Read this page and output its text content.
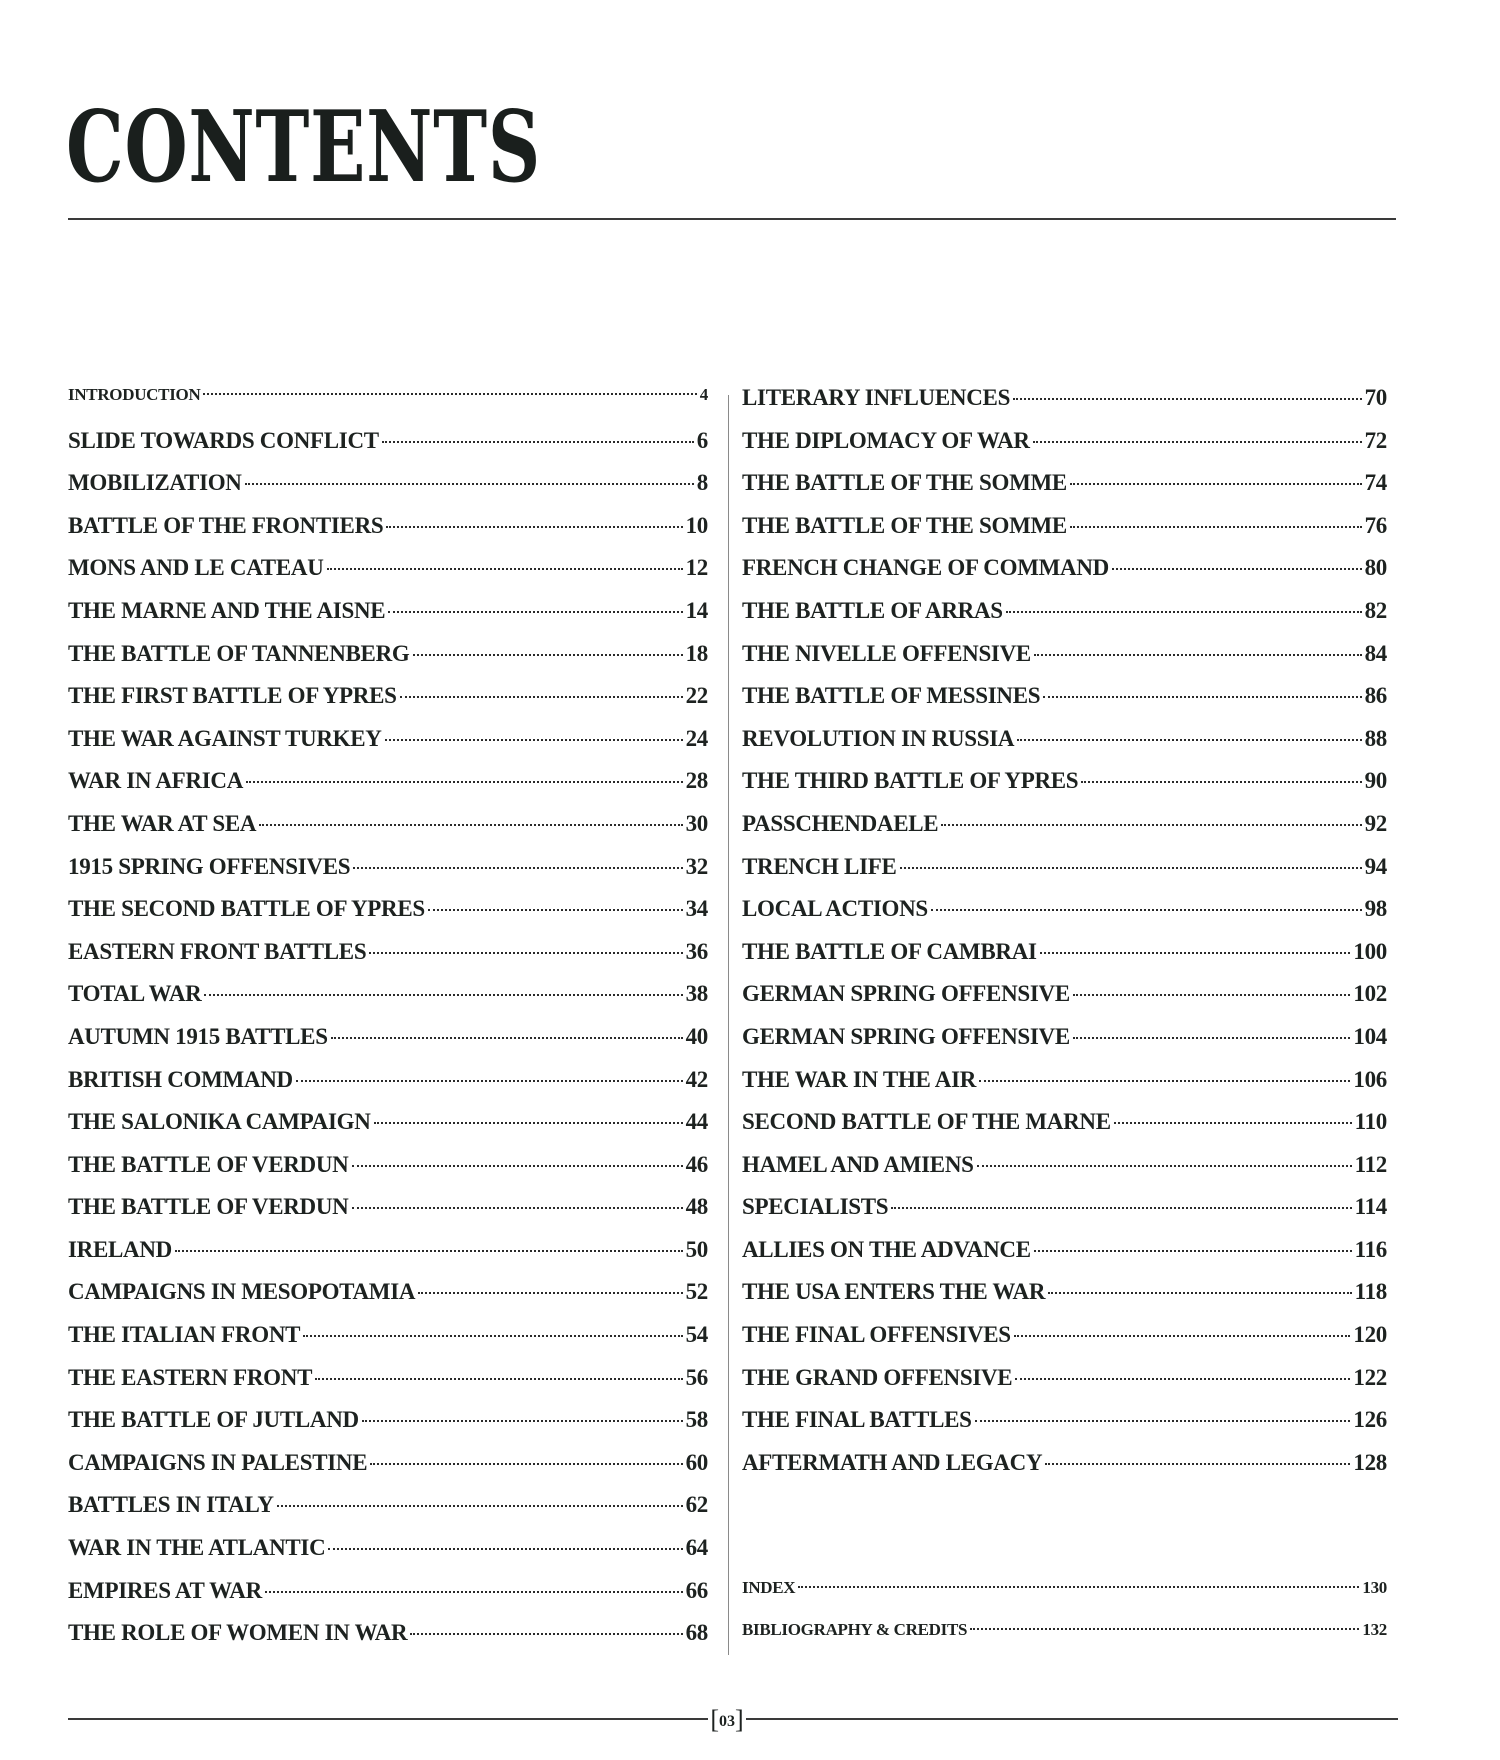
CONTENTS
INTRODUCTION	4
SLIDE TOWARDS CONFLICT	6
MOBILIZATION	8
BATTLE OF THE FRONTIERS	10
MONS AND LE CATEAU	12
THE MARNE AND THE AISNE	14
THE BATTLE OF TANNENBERG	18
THE FIRST BATTLE OF YPRES	22
THE WAR AGAINST TURKEY	24
WAR IN AFRICA	28
THE WAR AT SEA	30
1915 SPRING OFFENSIVES	32
THE SECOND BATTLE OF YPRES	34
EASTERN FRONT BATTLES	36
TOTAL WAR	38
AUTUMN 1915 BATTLES	40
BRITISH COMMAND	42
THE SALONIKA CAMPAIGN	44
THE BATTLE OF VERDUN	46
THE BATTLE OF VERDUN	48
IRELAND	50
CAMPAIGNS IN MESOPOTAMIA	52
THE ITALIAN FRONT	54
THE EASTERN FRONT	56
THE BATTLE OF JUTLAND	58
CAMPAIGNS IN PALESTINE	60
BATTLES IN ITALY	62
WAR IN THE ATLANTIC	64
EMPIRES AT WAR	66
THE ROLE OF WOMEN IN WAR	68
LITERARY INFLUENCES	70
THE DIPLOMACY OF WAR	72
THE BATTLE OF THE SOMME	74
THE BATTLE OF THE SOMME	76
FRENCH CHANGE OF COMMAND	80
THE BATTLE OF ARRAS	82
THE NIVELLE OFFENSIVE	84
THE BATTLE OF MESSINES	86
REVOLUTION IN RUSSIA	88
THE THIRD BATTLE OF YPRES	90
PASSCHENDAELE	92
TRENCH LIFE	94
LOCAL ACTIONS	98
THE BATTLE OF CAMBRAI	100
GERMAN SPRING OFFENSIVE	102
GERMAN SPRING OFFENSIVE	104
THE WAR IN THE AIR	106
SECOND BATTLE OF THE MARNE	110
HAMEL AND AMIENS	112
SPECIALISTS	114
ALLIES ON THE ADVANCE	116
THE USA ENTERS THE WAR	118
THE FINAL OFFENSIVES	120
THE GRAND OFFENSIVE	122
THE FINAL BATTLES	126
AFTERMATH AND LEGACY	128
INDEX	130
BIBLIOGRAPHY & CREDITS	132
[03]
